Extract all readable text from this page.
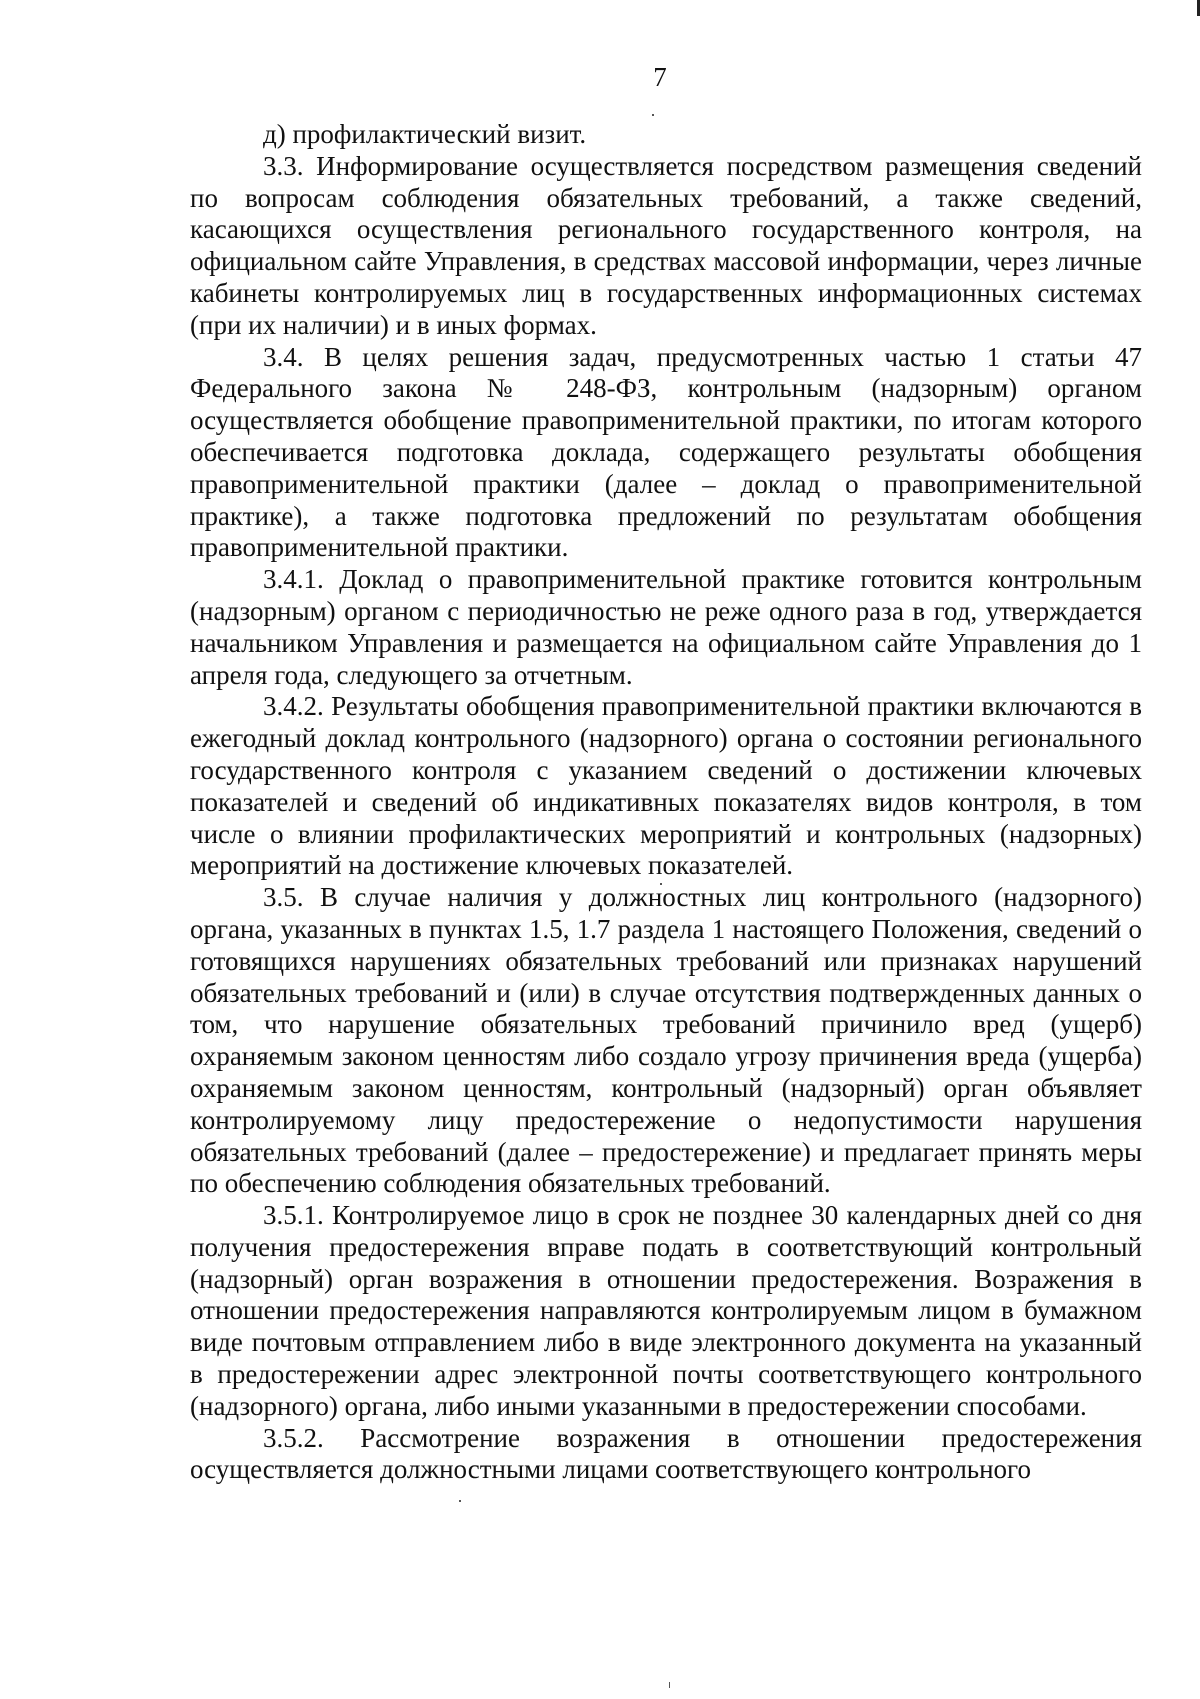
7

д) профилактический визит.

3.3. Информирование осуществляется посредством размещения сведений по вопросам соблюдения обязательных требований, а также сведений, касающихся осуществления регионального государственного контроля, на официальном сайте Управления, в средствах массовой информации, через личные кабинеты контролируемых лиц в государственных информационных системах (при их наличии) и в иных формах.

3.4. В целях решения задач, предусмотренных частью 1 статьи 47 Федерального закона № 248-ФЗ, контрольным (надзорным) органом осуществляется обобщение правоприменительной практики, по итогам которого обеспечивается подготовка доклада, содержащего результаты обобщения правоприменительной практики (далее – доклад о правоприменительной практике), а также подготовка предложений по результатам обобщения правоприменительной практики.

3.4.1. Доклад о правоприменительной практике готовится контрольным (надзорным) органом с периодичностью не реже одного раза в год, утверждается начальником Управления и размещается на официальном сайте Управления до 1 апреля года, следующего за отчетным.

3.4.2. Результаты обобщения правоприменительной практики включаются в ежегодный доклад контрольного (надзорного) органа о состоянии регионального государственного контроля с указанием сведений о достижении ключевых показателей и сведений об индикативных показателях видов контроля, в том числе о влиянии профилактических мероприятий и контрольных (надзорных) мероприятий на достижение ключевых показателей.

3.5. В случае наличия у должностных лиц контрольного (надзорного) органа, указанных в пунктах 1.5, 1.7 раздела 1 настоящего Положения, сведений о готовящихся нарушениях обязательных требований или признаках нарушений обязательных требований и (или) в случае отсутствия подтвержденных данных о том, что нарушение обязательных требований причинило вред (ущерб) охраняемым законом ценностям либо создало угрозу причинения вреда (ущерба) охраняемым законом ценностям, контрольный (надзорный) орган объявляет контролируемому лицу предостережение о недопустимости нарушения обязательных требований (далее – предостережение) и предлагает принять меры по обеспечению соблюдения обязательных требований.

3.5.1. Контролируемое лицо в срок не позднее 30 календарных дней со дня получения предостережения вправе подать в соответствующий контрольный (надзорный) орган возражения в отношении предостережения. Возражения в отношении предостережения направляются контролируемым лицом в бумажном виде почтовым отправлением либо в виде электронного документа на указанный в предостережении адрес электронной почты соответствующего контрольного (надзорного) органа, либо иными указанными в предостережении способами.

3.5.2. Рассмотрение возражения в отношении предостережения осуществляется должностными лицами соответствующего контрольного
